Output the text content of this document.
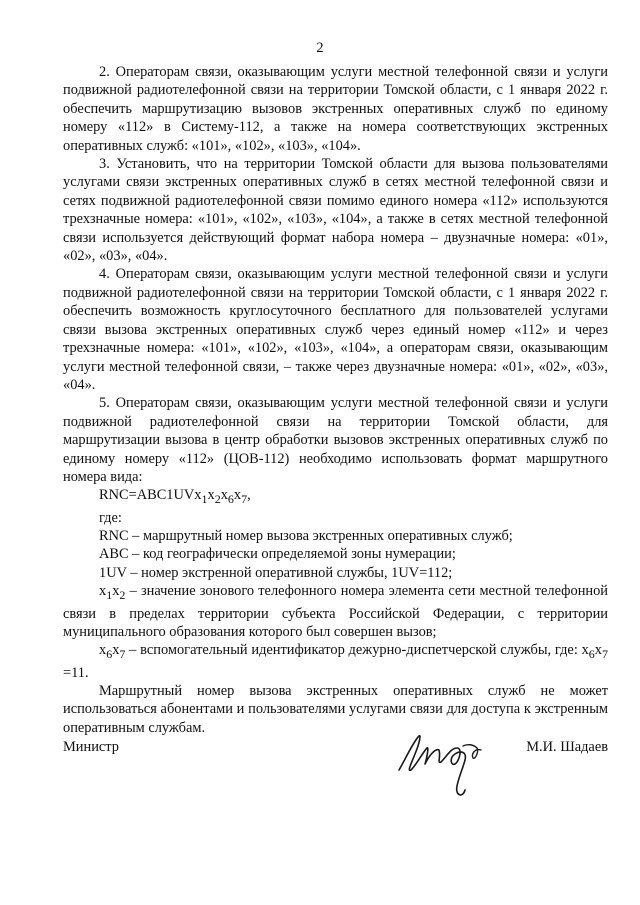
2

2. Операторам связи, оказывающим услуги местной телефонной связи и услуги подвижной радиотелефонной связи на территории Томской области, с 1 января 2022 г. обеспечить маршрутизацию вызовов экстренных оперативных служб по единому номеру «112» в Систему-112, а также на номера соответствующих экстренных оперативных служб: «101», «102», «103», «104».

3. Установить, что на территории Томской области для вызова пользователями услугами связи экстренных оперативных служб в сетях местной телефонной связи и сетях подвижной радиотелефонной связи помимо единого номера «112» используются трехзначные номера: «101», «102», «103», «104», а также в сетях местной телефонной связи используется действующий формат набора номера – двузначные номера: «01», «02», «03», «04».

4. Операторам связи, оказывающим услуги местной телефонной связи и услуги подвижной радиотелефонной связи на территории Томской области, с 1 января 2022 г. обеспечить возможность круглосуточного бесплатного для пользователей услугами связи вызова экстренных оперативных служб через единый номер «112» и через трехзначные номера: «101», «102», «103», «104», а операторам связи, оказывающим услуги местной телефонной связи, – также через двузначные номера: «01», «02», «03», «04».

5. Операторам связи, оказывающим услуги местной телефонной связи и услуги подвижной радиотелефонной связи на территории Томской области, для маршрутизации вызова в центр обработки вызовов экстренных оперативных служб по единому номеру «112» (ЦОВ-112) необходимо использовать формат маршрутного номера вида:

$RNC=ABC1UVx_1x_2x_6x_7$,

где:

RNC – маршрутный номер вызова экстренных оперативных служб;

ABC – код географически определяемой зоны нумерации;

1UV – номер экстренной оперативной службы, 1UV=112;

$x_1x_2$ – значение зонового телефонного номера элемента сети местной телефонной связи в пределах территории субъекта Российской Федерации, с территории муниципального образования которого был совершен вызов;

$x_6x_7$ – вспомогательный идентификатор дежурно-диспетчерской службы, где: $x_6x_7 =11$.

Маршрутный номер вызова экстренных оперативных служб не может использоваться абонентами и пользователями услугами связи для доступа к экстренным оперативным службам.

Министр	М.И. Шадаев
